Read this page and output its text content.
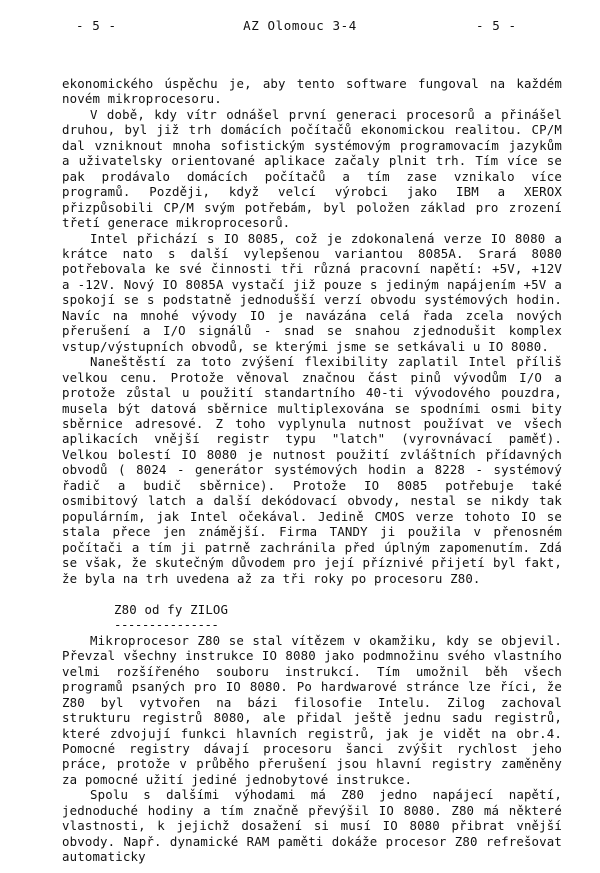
- 5 -	AZ Olomouc 3-4	- 5 -

ekonomického úspěchu je, aby tento software fungoval na každém novém mikroprocesoru.

V době, kdy vítr odnášel první generaci procesorů a přinášel druhou, byl již trh domácích počítačů ekonomickou realitou. CP/M dal vzniknout mnoha sofistickým systémovým programovacím jazykům a uživatelsky orientované aplikace začaly plnit trh. Tím více se pak prodávalo domácích počítačů a tím zase vznikalo více programů. Později, když velcí výrobci jako IBM a XEROX přizpůsobili CP/M svým potřebám, byl položen základ pro zrození třetí generace mikroprocesorů.

Intel přichází s IO 8085, což je zdokonalená verze IO 8080 a krátce nato s další vylepšenou variantou 8085A. Srará 8080 potřebovala ke své činnosti tři různá pracovní napětí: +5V, +12V a -12V. Nový IO 8085A vystačí již pouze s jediným napájením +5V a spokojí se s podstatně jednodušší verzí obvodu systémových hodin. Navíc na mnohé vývody IO je navázána celá řada zcela nových přerušení a I/O signálů - snad se snahou zjednodušit komplex vstup/výstupních obvodů, se kterými jsme se setkávali u IO 8080.

Naneštěstí za toto zvýšení flexibility zaplatil Intel příliš velkou cenu. Protože věnoval značnou část pinů vývodům I/O a protože zůstal u použití standartního 40-ti vývodového pouzdra, musela být datová sběrnice multiplexována se spodními osmi bity sběrnice adresové. Z toho vyplynula nutnost používat ve všech aplikacích vnější registr typu "latch" (vyrovnávací paměť). Velkou bolestí IO 8080 je nutnost použití zvláštních přídavných obvodů ( 8024 - generátor systémových hodin a 8228 - systémový řadič a budič sběrnice). Protože IO 8085 potřebuje také osmibitový latch a další dekódovací obvody, nestal se nikdy tak populárním, jak Intel očekával. Jedině CMOS verze tohoto IO se stala přece jen známější. Firma TANDY ji použila v přenosném počítači a tím ji patrně zachránila před úplným zapomenutím. Zdá se však, že skutečným důvodem pro její příznivé přijetí byl fakt, že byla na trh uvedena až za tři roky po procesoru Z80.

Z80 od fy ZILOG

---------------

Mikroprocesor Z80 se stal vítězem v okamžiku, kdy se objevil. Převzal všechny instrukce IO 8080 jako podmnožinu svého vlastního velmi rozšířeného souboru instrukcí. Tím umožnil běh všech programů psaných pro IO 8080. Po hardwarové stránce lze říci, že Z80 byl vytvořen na bázi filosofie Intelu. Zilog zachoval strukturu registrů 8080, ale přidal ještě jednu sadu registrů, které zdvojují funkci hlavních registrů, jak je vidět na obr.4. Pomocné registry dávají procesoru šanci zvýšit rychlost jeho práce, protože v průběho přerušení jsou hlavní registry zaměněny za pomocné užití jediné jednobytové instrukce.

Spolu s dalšími výhodami má Z80 jedno napájecí napětí, jednoduché hodiny a tím značně převýšil IO 8080. Z80 má některé vlastnosti, k jejichž dosažení si musí IO 8080 přibrat vnější obvody. Např. dynamické RAM paměti dokáže procesor Z80 refrešovat automaticky
